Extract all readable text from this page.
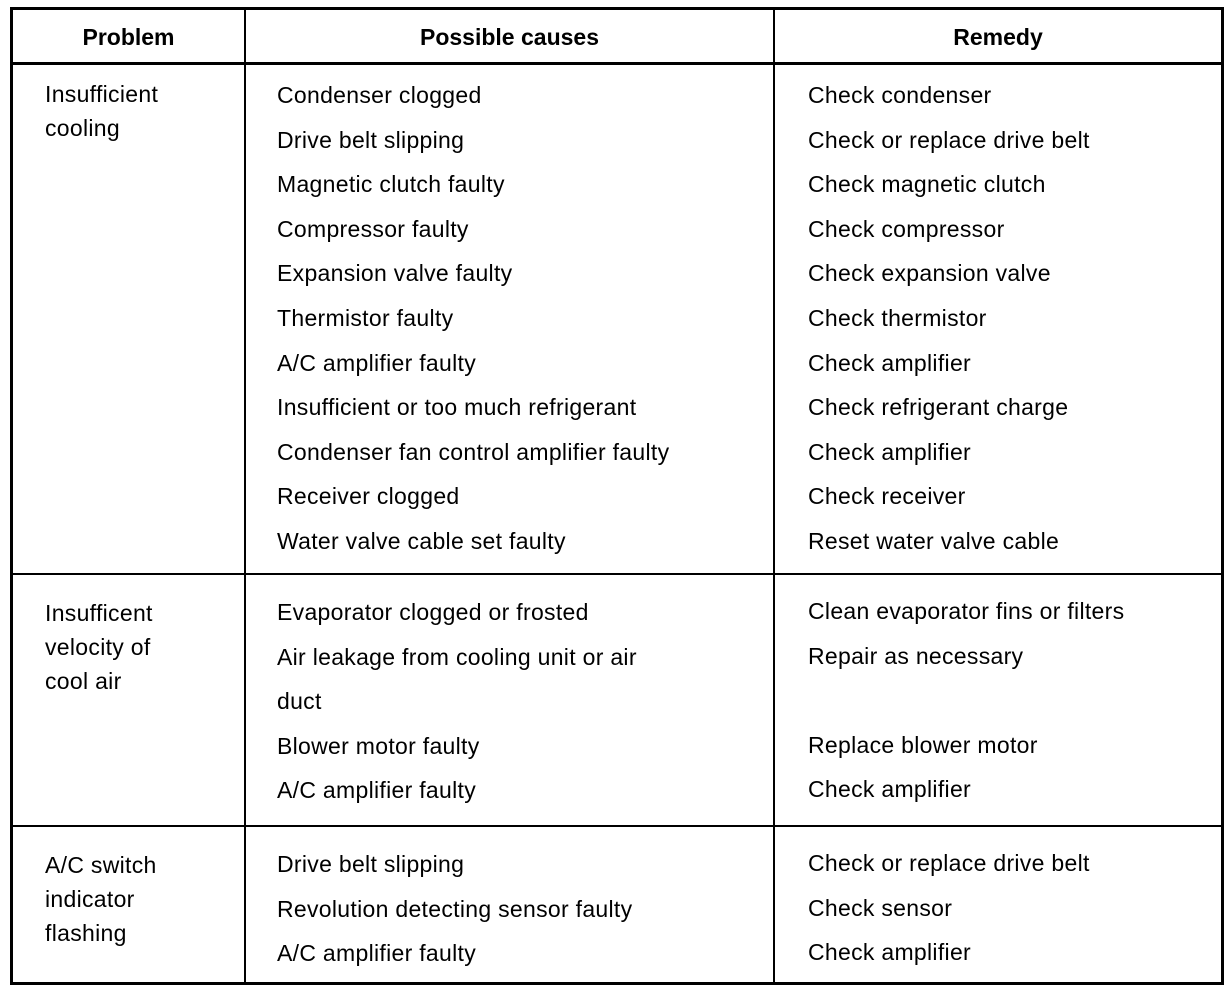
Problem	Possible causes	Remedy
Insufficient
cooling
Condenser clogged
Drive belt slipping
Magnetic clutch faulty
Compressor faulty
Expansion valve faulty
Thermistor faulty
A/C amplifier faulty
Insufficient or too much refrigerant
Condenser fan control amplifier faulty
Receiver clogged
Water valve cable set faulty
Check condenser
Check or replace drive belt
Check magnetic clutch
Check compressor
Check expansion valve
Check thermistor
Check amplifier
Check refrigerant charge
Check amplifier
Check receiver
Reset water valve cable
Insufficent
velocity of
cool air
Evaporator clogged or frosted
Air leakage from cooling unit or air
duct
Blower motor faulty
A/C amplifier faulty
Clean evaporator fins or filters
Repair as necessary
Replace blower motor
Check amplifier
A/C switch
indicator
flashing
Drive belt slipping
Revolution detecting sensor faulty
A/C amplifier faulty
Check or replace drive belt
Check sensor
Check amplifier
